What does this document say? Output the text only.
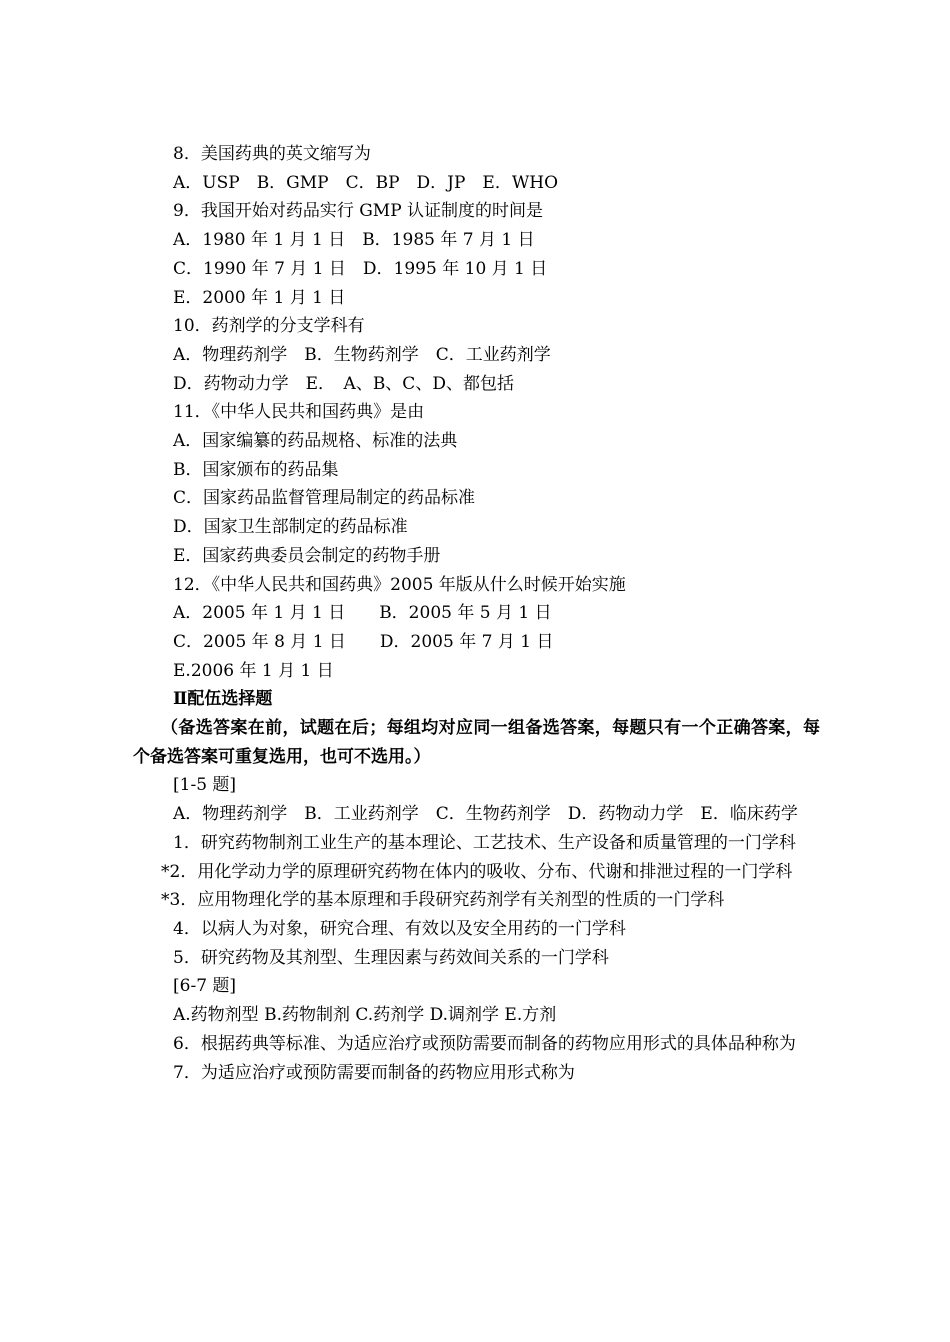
8．美国药典的英文缩写为
A．USP　B．GMP　C．BP　D．JP　E．WHO
9．我国开始对药品实行 GMP 认证制度的时间是
A．1980 年 1 月 1 日　B．1985 年 7 月 1 日
C．1990 年 7 月 1 日　D．1995 年 10 月 1 日
E．2000 年 1 月 1 日
10．药剂学的分支学科有
A．物理药剂学　B．生物药剂学　C．工业药剂学
D．药物动力学　E．　A、B、C、D、都包括
11．《中华人民共和国药典》是由
A．国家编纂的药品规格、标准的法典
B．国家颁布的药品集
C．国家药品监督管理局制定的药品标准
D．国家卫生部制定的药品标准
E．国家药典委员会制定的药物手册
12．《中华人民共和国药典》2005 年版从什么时候开始实施
A．2005 年 1 月 1 日　　B．2005 年 5 月 1 日
C．2005 年 8 月 1 日　　D．2005 年 7 月 1 日
E.2006 年 1 月 1 日
Ⅱ配伍选择题
（备选答案在前，试题在后；每组均对应同一组备选答案，每题只有一个正确答案，每个备选答案可重复选用，也可不选用。）
[1-5 题]
A．物理药剂学　B．工业药剂学　C．生物药剂学　D．药物动力学　E．临床药学
1．研究药物制剂工业生产的基本理论、工艺技术、生产设备和质量管理的一门学科
*2．用化学动力学的原理研究药物在体内的吸收、分布、代谢和排泄过程的一门学科
*3．应用物理化学的基本原理和手段研究药剂学有关剂型的性质的一门学科
4．以病人为对象，研究合理、有效以及安全用药的一门学科
5．研究药物及其剂型、生理因素与药效间关系的一门学科
[6-7 题]
A.药物剂型 B.药物制剂 C.药剂学 D.调剂学 E.方剂
6．根据药典等标准、为适应治疗或预防需要而制备的药物应用形式的具体品种称为
7．为适应治疗或预防需要而制备的药物应用形式称为
